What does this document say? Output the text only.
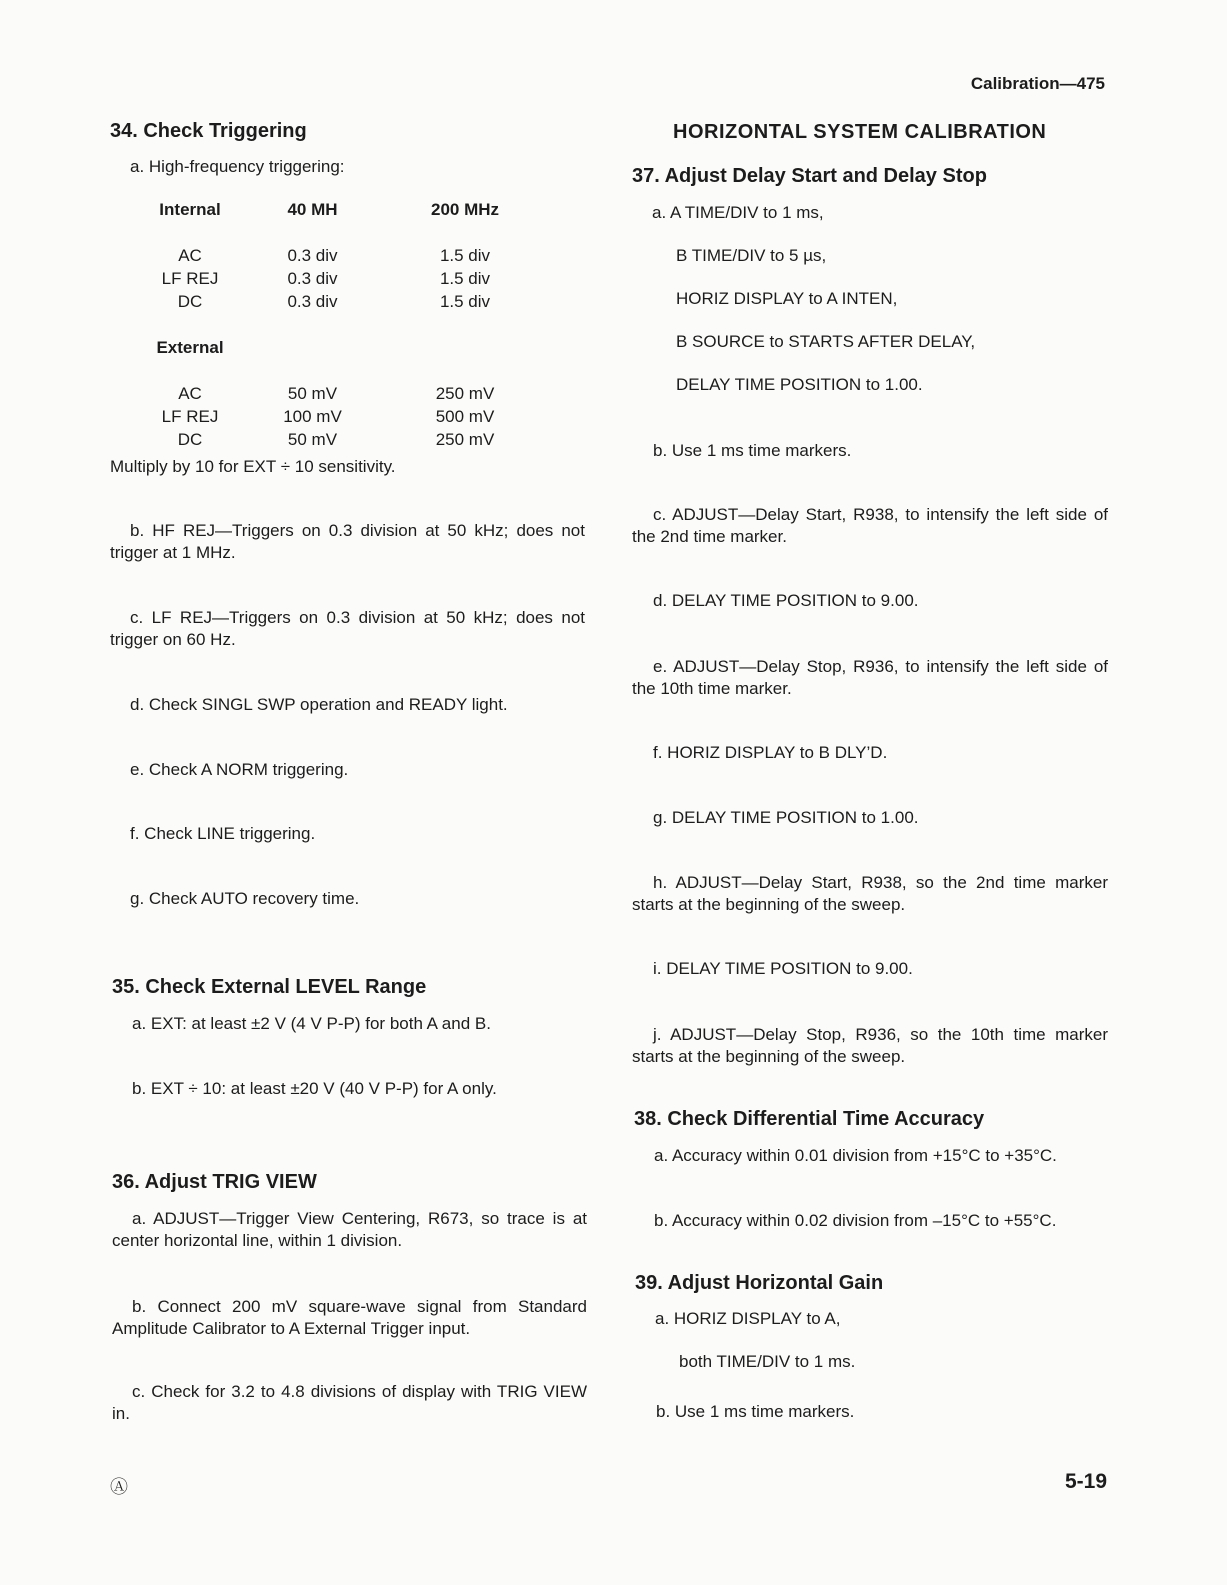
Calibration—475
34. Check Triggering
a. High-frequency triggering:
Internal	40 MH	200 MHz

AC	0.3 div	1.5 div
LF REJ	0.3 div	1.5 div
DC	0.3 div	1.5 div

External		

AC	50 mV	250 mV
LF REJ	100 mV	500 mV
DC	50 mV	250 mV
Multiply by 10 for EXT ÷ 10 sensitivity.
b. HF REJ—Triggers on 0.3 division at 50 kHz; does not trigger at 1 MHz.
c. LF REJ—Triggers on 0.3 division at 50 kHz; does not trigger on 60 Hz.
d. Check SINGL SWP operation and READY light.
e. Check A NORM triggering.
f. Check LINE triggering.
g. Check AUTO recovery time.
35. Check External LEVEL Range
a. EXT: at least ±2 V (4 V P-P) for both A and B.
b. EXT ÷ 10: at least ±20 V (40 V P-P) for A only.
36. Adjust TRIG VIEW
a. ADJUST—Trigger View Centering, R673, so trace is at center horizontal line, within 1 division.
b. Connect 200 mV square-wave signal from Standard Amplitude Calibrator to A External Trigger input.
c. Check for 3.2 to 4.8 divisions of display with TRIG VIEW in.
HORIZONTAL SYSTEM CALIBRATION
37. Adjust Delay Start and Delay Stop
a. A TIME/DIV to 1 ms,
B TIME/DIV to 5 µs,
HORIZ DISPLAY to A INTEN,
B SOURCE to STARTS AFTER DELAY,
DELAY TIME POSITION to 1.00.
b. Use 1 ms time markers.
c. ADJUST—Delay Start, R938, to intensify the left side of the 2nd time marker.
d. DELAY TIME POSITION to 9.00.
e. ADJUST—Delay Stop, R936, to intensify the left side of the 10th time marker.
f. HORIZ DISPLAY to B DLY’D.
g. DELAY TIME POSITION to 1.00.
h. ADJUST—Delay Start, R938, so the 2nd time marker starts at the beginning of the sweep.
i. DELAY TIME POSITION to 9.00.
j. ADJUST—Delay Stop, R936, so the 10th time marker starts at the beginning of the sweep.
38. Check Differential Time Accuracy
a. Accuracy within 0.01 division from +15°C to +35°C.
b. Accuracy within 0.02 division from –15°C to +55°C.
39. Adjust Horizontal Gain
a. HORIZ DISPLAY to A,
both TIME/DIV to 1 ms.
b. Use 1 ms time markers.
Ⓐ	5-19
